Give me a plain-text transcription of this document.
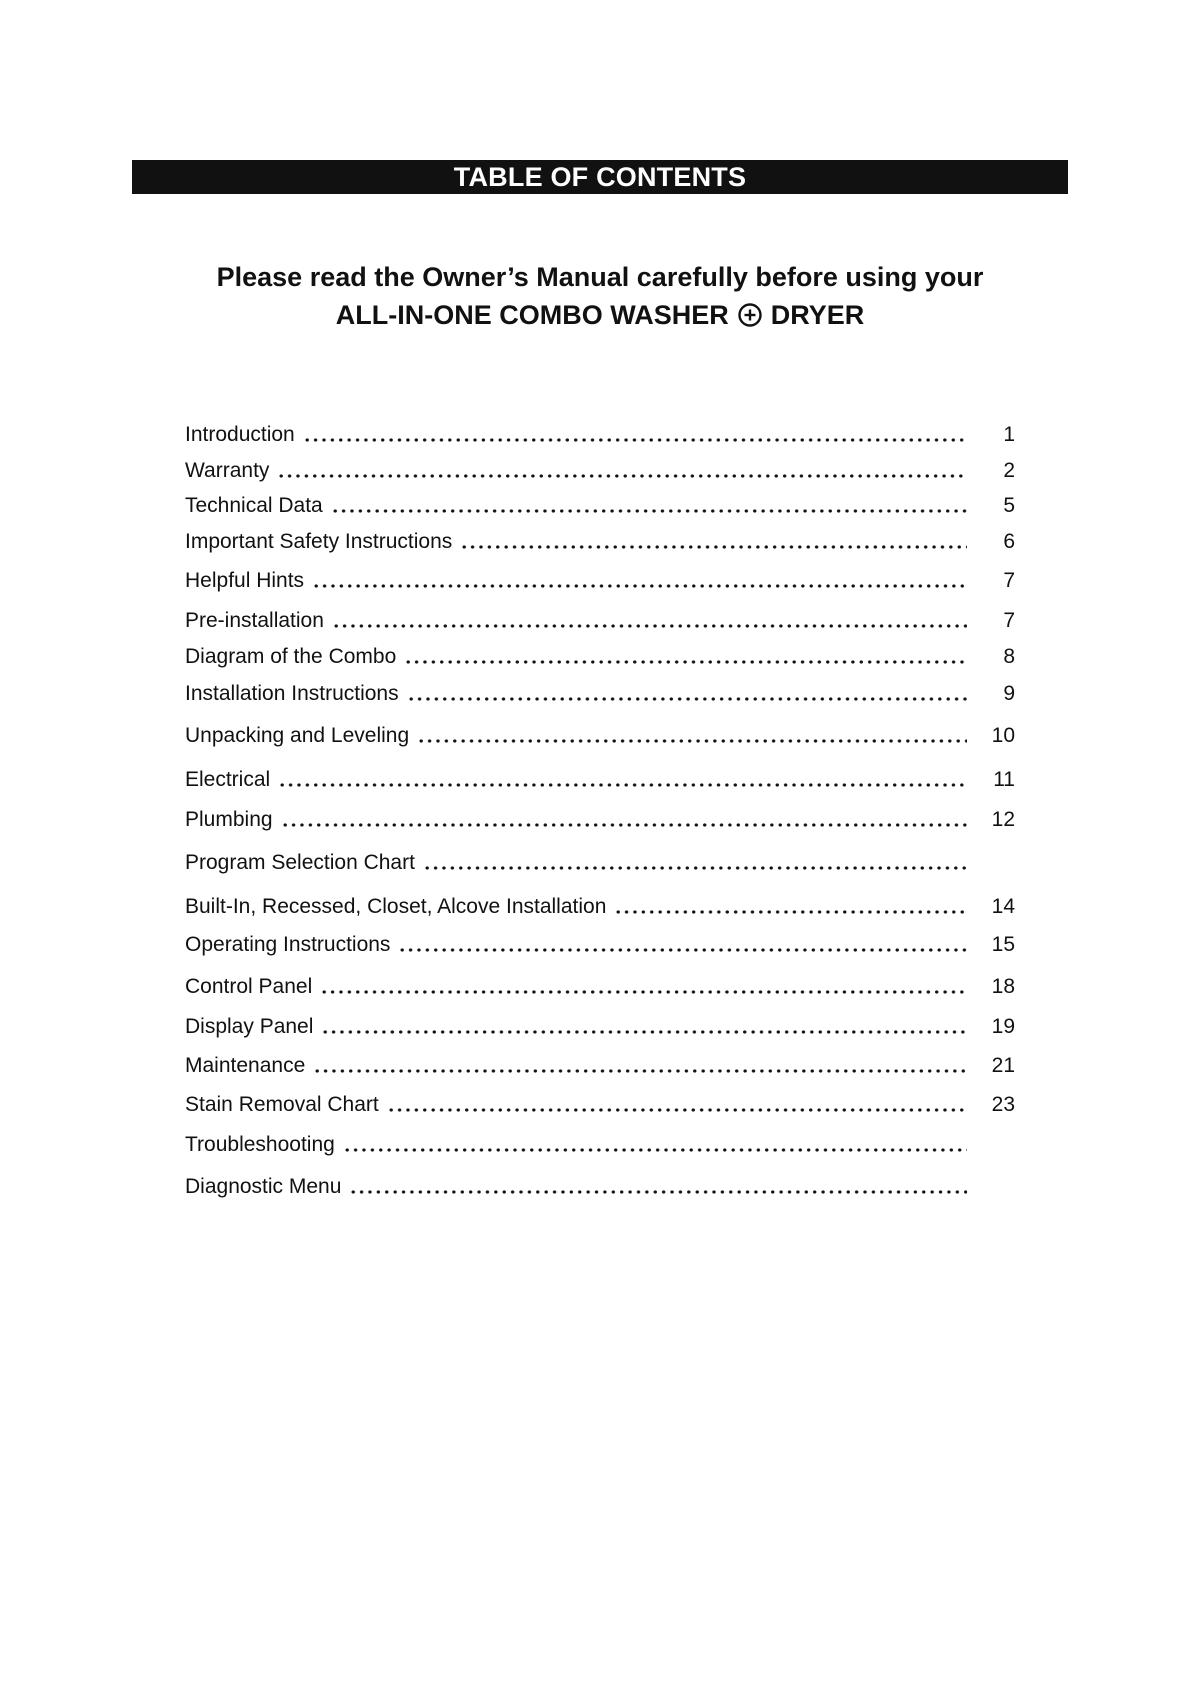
TABLE OF CONTENTS
Please read the Owner’s Manual carefully before using your
ALL-IN-ONE COMBO WASHER DRYER
Introduction	1
Warranty	2
Technical Data	5
Important Safety Instructions	6
Helpful Hints	7
Pre-installation	7
Diagram of the Combo	8
Installation Instructions	9
Unpacking and Leveling	10
Electrical	11
Plumbing	12
Program Selection Chart
Built-In, Recessed, Closet, Alcove Installation	14
Operating Instructions	15
Control Panel	18
Display Panel	19
Maintenance	21
Stain Removal Chart	23
Troubleshooting
Diagnostic Menu
